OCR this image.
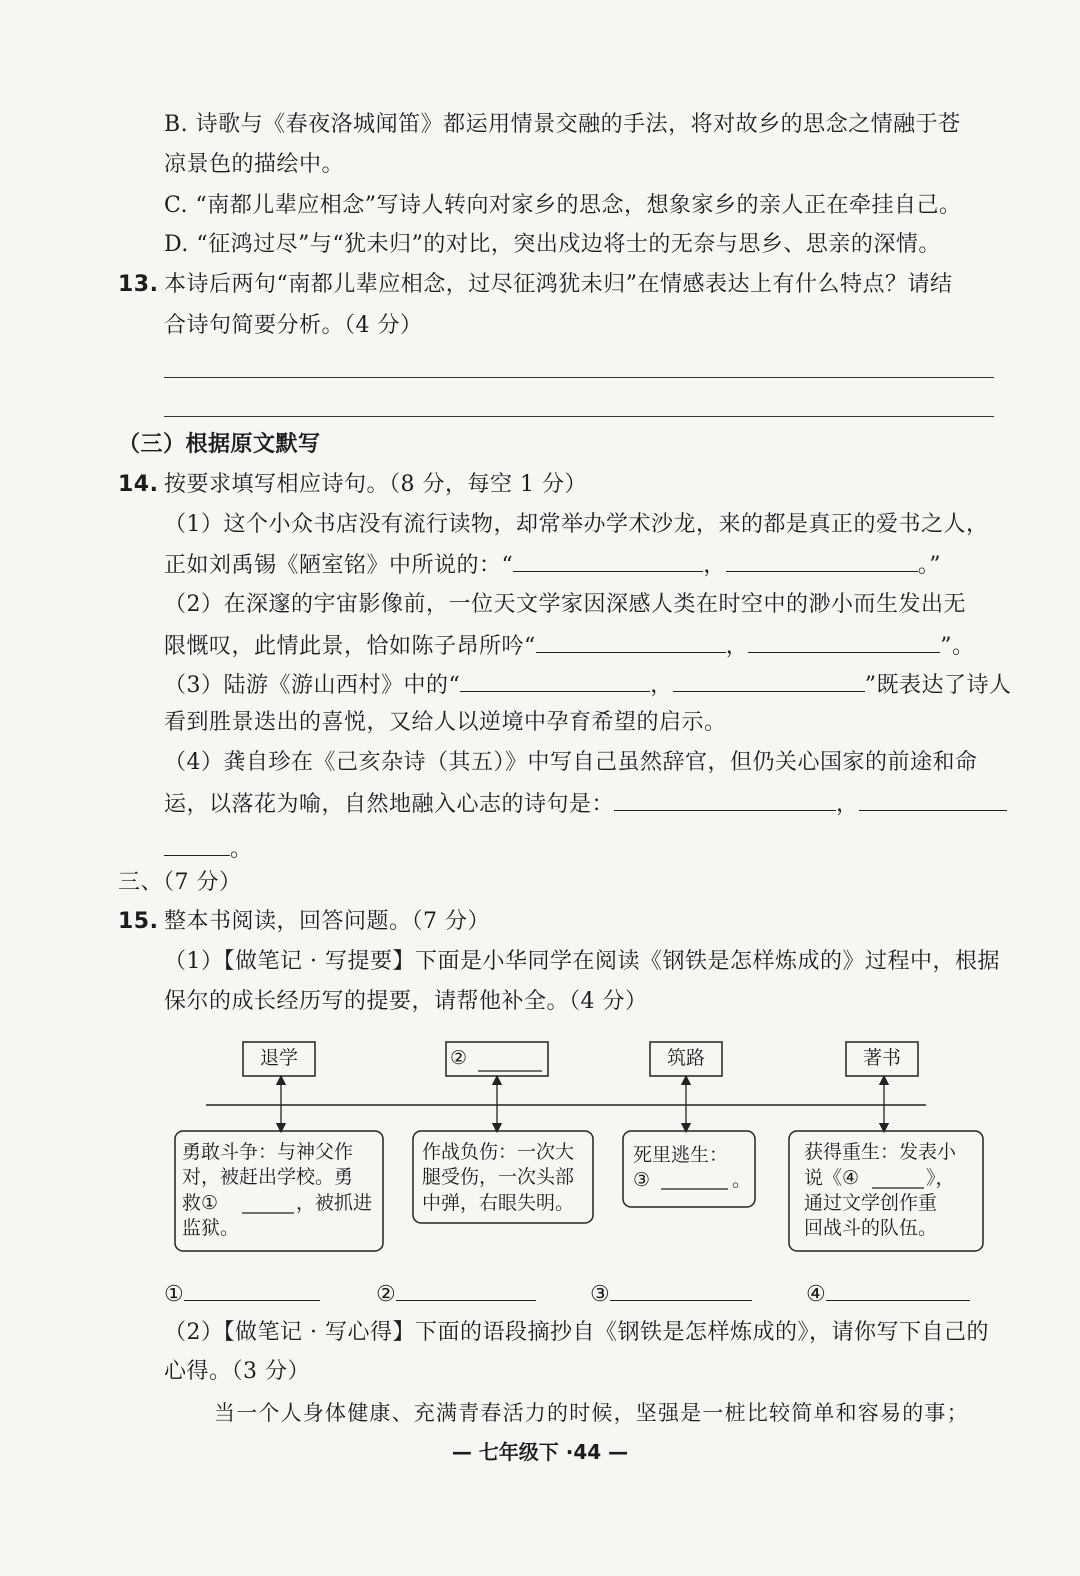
B. 诗歌与《春夜洛城闻笛》都运用情景交融的手法，将对故乡的思念之情融于苍
凉景色的描绘中。
C. “南都儿辈应相念”写诗人转向对家乡的思念，想象家乡的亲人正在牵挂自己。
D. “征鸿过尽”与“犹未归”的对比，突出戍边将士的无奈与思乡、思亲的深情。
13. 本诗后两句“南都儿辈应相念，过尽征鸿犹未归”在情感表达上有什么特点？请结
合诗句简要分析。（4 分）
（三）根据原文默写
14. 按要求填写相应诗句。（8 分，每空 1 分）
（1）这个小众书店没有流行读物，却常举办学术沙龙，来的都是真正的爱书之人，
正如刘禹锡《陋室铭》中所说的：“	，	。”
（2）在深邃的宇宙影像前，一位天文学家因深感人类在时空中的渺小而生发出无
限慨叹，此情此景，恰如陈子昂所吟“	，	”。
（3）陆游《游山西村》中的“	，	”既表达了诗人
看到胜景迭出的喜悦，又给人以逆境中孕育希望的启示。
（4）龚自珍在《己亥杂诗（其五）》中写自己虽然辞官，但仍关心国家的前途和命
运，以落花为喻，自然地融入心志的诗句是：	，
。
三、（7 分）
15. 整本书阅读，回答问题。（7 分）
（1）【做笔记 · 写提要】下面是小华同学在阅读《钢铁是怎样炼成的》过程中，根据
保尔的成长经历写的提要，请帮他补全。（4 分）
退学	②	筑路	著书
勇敢斗争：与神父作
对，被赶出学校。勇
救①	，被抓进
监狱。
作战负伤：一次大
腿受伤，一次头部
中弹，右眼失明。
死里逃生：
③	。
获得重生：发表小
说《④	》，
通过文学创作重
回战斗的队伍。
①	②	③	④
（2）【做笔记 · 写心得】下面的语段摘抄自《钢铁是怎样炼成的》，请你写下自己的
心得。（3 分）
当一个人身体健康、充满青春活力的时候，坚强是一桩比较简单和容易的事；
— 七年级下 ·44 —
